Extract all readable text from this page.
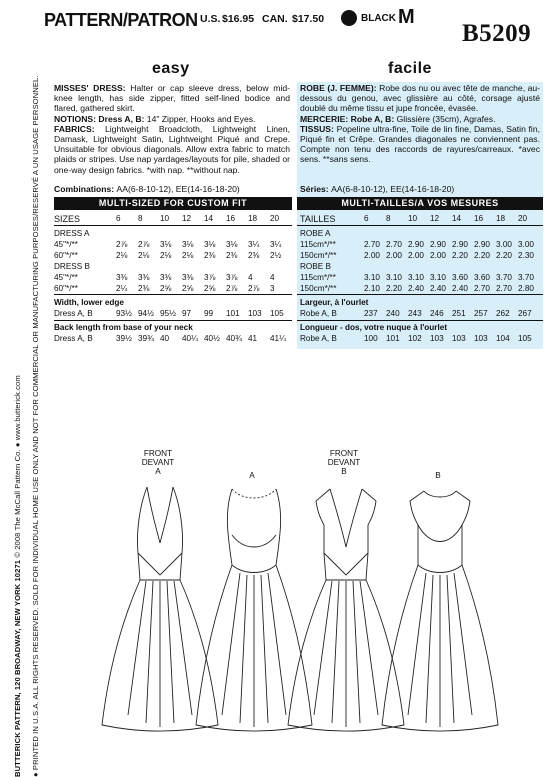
BUTTERICK PATTERN, 120 BROADWAY, NEW YORK 10271 © 2008 The McCall Pattern Co. ● www.butterick.com
● PRINTED IN U.S.A. ALL RIGHTS RESERVED. SOLD FOR INDIVIDUAL HOME USE ONLY AND NOT FOR COMMERCIAL OR MANUFACTURING PURPOSES/RESERVÉ A UN USAGE PERSONNEL.
PATTERN/PATRON U.S. $16.95 CAN. $17.50	BLACK M
B5209
easy	facile
MISSES' DRESS: Halter or cap sleeve dress, below mid-knee length, has side zipper, fitted self-lined bodice and flared, gathered skirt.
NOTIONS: Dress A, B: 14" Zipper, Hooks and Eyes.
FABRICS: Lightweight Broadcloth, Lightweight Linen, Damask, Lightweight Satin, Lightweight Piqué and Crepe. Unsuitable for obvious diagonals. Allow extra fabric to match plaids or stripes. Use nap yardages/layouts for pile, shaded or one-way design fabrics. *with nap. **without nap.
ROBE (J. FEMME): Robe dos nu ou avec tête de manche, au-dessous du genou, avec glissière au côté, corsage ajusté doublé du même tissu et jupe froncée, évasée.
MERCERIE: Robe A, B: Glissière (35cm), Agrafes.
TISSUS: Popeline ultra-fine, Toile de lin fine, Damas, Satin fin, Piqué fin et Crêpe. Grandes diagonales ne conviennent pas. Compte non tenu des raccords de rayures/carreaux. *avec sens. **sans sens.
Combinations: AA(6-8-10-12), EE(14-16-18-20)	Séries: AA(6-8-10-12), EE(14-16-18-20)
MULTI-SIZED FOR CUSTOM FIT	MULTI-TAILLES/A VOS MESURES
SIZES	6	8	10	12	14	16	18	20

DRESS A								
45"*/**	2⅞	2⅞	3⅛	3⅛	3⅛	3⅛	3¼	3¼
60"*/**	2⅛	2⅛	2⅛	2⅛	2⅜	2⅜	2⅜	2½
DRESS B								
45"*/**	3⅜	3⅜	3⅜	3⅜	3⅞	3⅞	4	4
60"*/**	2¼	2⅜	2⅝	2⅝	2⅝	2⅞	2⅞	3

Width, lower edge								
Dress A, B	93½	94½	95½	97	99	101	103	105

Back length from base of your neck								
Dress A, B	39½	39¾	40	40¼	40½	40¾	41	41¼
TAILLES	6	8	10	12	14	16	18	20

ROBE A								
115cm*/**	2.70	2.70	2.90	2.90	2.90	2.90	3.00	3.00
150cm*/**	2.00	2.00	2.00	2.00	2.20	2.20	2.20	2.30
ROBE B								
115cm*/**	3.10	3.10	3.10	3.10	3.60	3.60	3.70	3.70
150cm*/**	2.10	2.20	2.40	2.40	2.40	2.70	2.70	2.80

Largeur, à l'ourlet								
Robe A, B	237	240	243	246	251	257	262	267

Longueur - dos, votre nuque à l'ourlet								
Robe A, B	100	101	102	103	103	103	104	105
FRONT
DEVANT
A	A
FRONT
DEVANT
B	B
